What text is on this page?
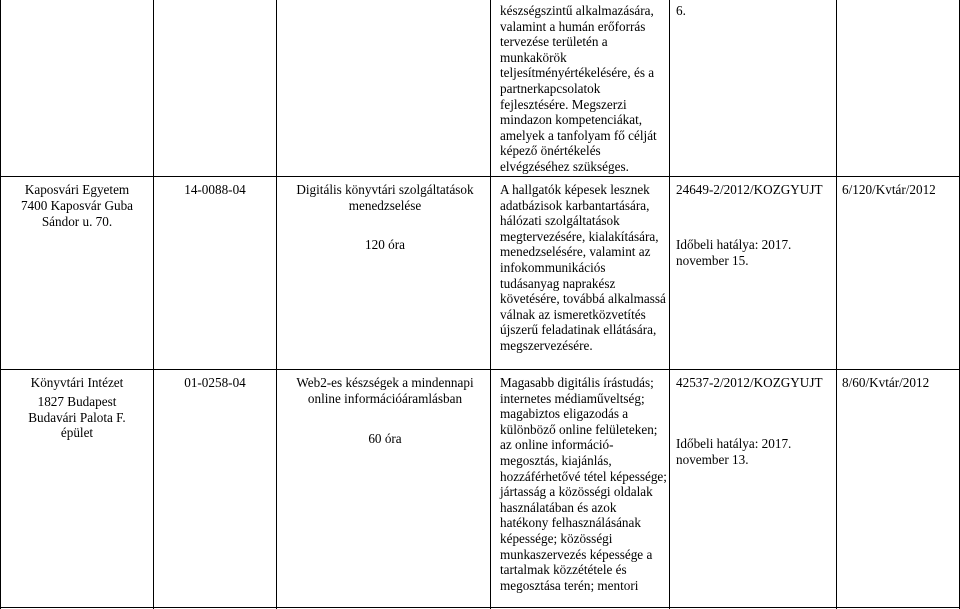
készségszintű alkalmazására, valamint a humán erőforrás tervezése területén a munkakörök teljesítményértékelésére, és a partnerkapcsolatok fejlesztésére. Megszerzi mindazon kompetenciákat, amelyek a tanfolyam fő célját képező önértékelés elvégzéséhez szükséges.
6.
Kaposvári Egyetem
7400 Kaposvár Guba Sándor u. 70.
14-0088-04	Digitális könyvtári szolgáltatások menedzselése
120 óra
A hallgatók képesek lesznek adatbázisok karbantartására, hálózati szolgáltatások megtervezésére, kialakítására, menedzselésére, valamint az infokommunikációs tudásanyag naprakész követésére, továbbá alkalmassá válnak az ismeretközvetítés újszerű feladatinak ellátására, megszervezésére.
24649-2/2012/KOZGYUJT
Időbeli hatálya: 2017. november 15.
6/120/Kvtár/2012
Könyvtári Intézet
1827 Budapest Budavári Palota F. épület
01-0258-04	Web2-es készségek a mindennapi online információáramlásban
60 óra
Magasabb digitális írástudás; internetes médiaműveltség; magabiztos eligazodás a különböző online felületeken; az online információ-megosztás, kiajánlás, hozzáférhetővé tétel képessége; jártasság a közösségi oldalak használatában és azok hatékony felhasználásának képessége; közösségi munkaszervezés képessége a tartalmak közzététele és megosztása terén; mentori
42537-2/2012/KOZGYUJT
Időbeli hatálya: 2017. november 13.
8/60/Kvtár/2012
